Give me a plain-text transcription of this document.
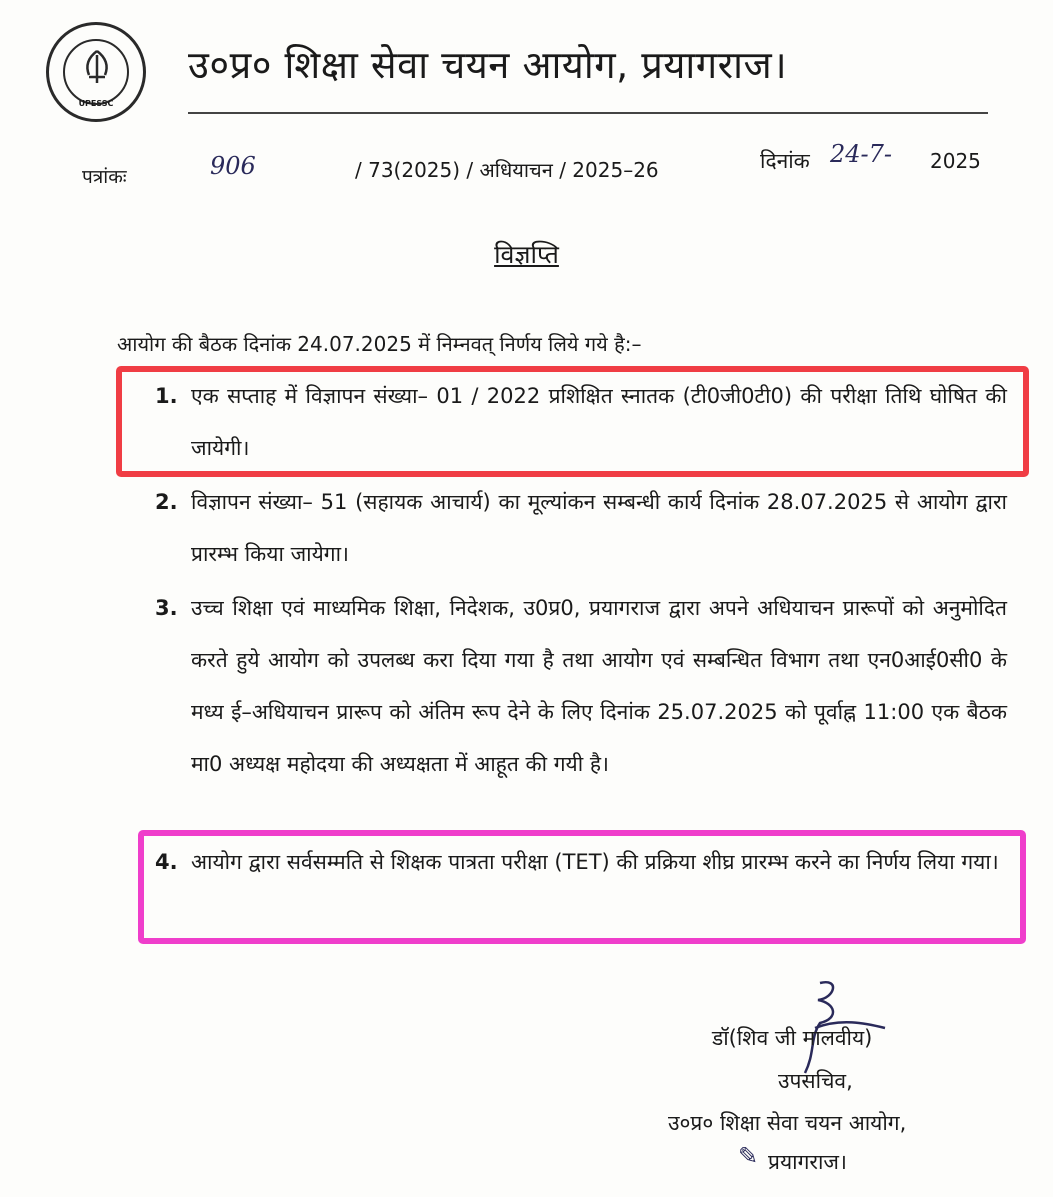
UPESSC
उ०प्र० शिक्षा सेवा चयन आयोग, प्रयागराज।
पत्रांकः	906	/ 73(2025) / अधियाचन / 2025–26	दिनांक 24-7- 2025
विज्ञप्ति
आयोग की बैठक दिनांक 24.07.2025 में निम्नवत् निर्णय लिये गये है:–
1. एक सप्ताह में विज्ञापन संख्या– 01 / 2022 प्रशिक्षित स्नातक (टी0जी0टी0) की परीक्षा तिथि घोषित की जायेगी।
2. विज्ञापन संख्या– 51 (सहायक आचार्य) का मूल्यांकन सम्बन्धी कार्य दिनांक 28.07.2025 से आयोग द्वारा प्रारम्भ किया जायेगा।
3. उच्च शिक्षा एवं माध्यमिक शिक्षा, निदेशक, उ0प्र0, प्रयागराज द्वारा अपने अधियाचन प्रारूपों को अनुमोदित करते हुये आयोग को उपलब्ध करा दिया गया है तथा आयोग एवं सम्बन्धित विभाग तथा एन0आई0सी0 के मध्य ई–अधियाचन प्रारूप को अंतिम रूप देने के लिए दिनांक 25.07.2025 को पूर्वाह्न 11:00 एक बैठक मा0 अध्यक्ष महोदया की अध्यक्षता में आहूत की गयी है।
4. आयोग द्वारा सर्वसम्मति से शिक्षक पात्रता परीक्षा (TET) की प्रक्रिया शीघ्र प्रारम्भ करने का निर्णय लिया गया।
डॉ(शिव जी मालवीय)
उपसचिव,
उ०प्र० शिक्षा सेवा चयन आयोग,
✎ प्रयागराज।
